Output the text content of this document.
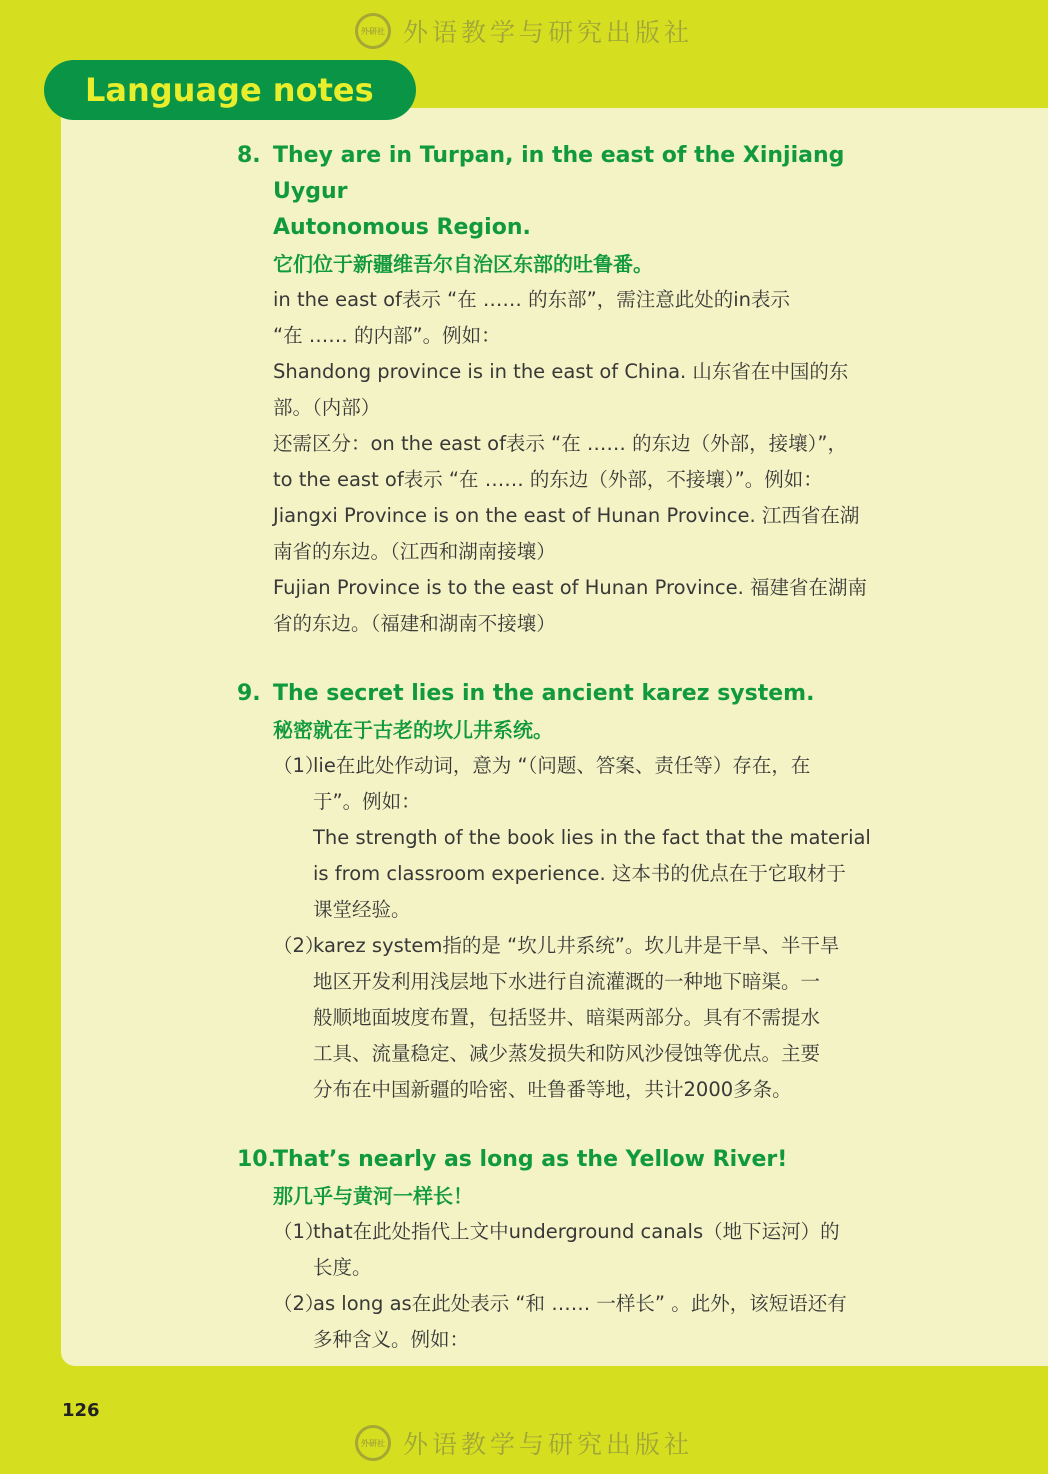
外研社 外语教学与研究出版社
Language notes
8. They are in Turpan, in the east of the Xinjiang Uygur
Autonomous Region.
它们位于新疆维吾尔自治区东部的吐鲁番。
in the east of表示 “在 …… 的东部”，需注意此处的in表示
“在 …… 的内部”。例如：
Shandong province is in the east of China. 山东省在中国的东
部。（内部）
还需区分：on the east of表示 “在 …… 的东边（外部，接壤）”，
to the east of表示 “在 …… 的东边（外部，不接壤）”。例如：
Jiangxi Province is on the east of Hunan Province. 江西省在湖
南省的东边。（江西和湖南接壤）
Fujian Province is to the east of Hunan Province. 福建省在湖南
省的东边。（福建和湖南不接壤）
9. The secret lies in the ancient karez system.
秘密就在于古老的坎儿井系统。
（1）
lie在此处作动词，意为 “（问题、答案、责任等）存在，在
于”。例如：
The strength of the book lies in the fact that the material
is from classroom experience. 这本书的优点在于它取材于
课堂经验。
（2）
karez system指的是 “坎儿井系统”。坎儿井是干旱、半干旱
地区开发利用浅层地下水进行自流灌溉的一种地下暗渠。一
般顺地面坡度布置，包括竖井、暗渠两部分。具有不需提水
工具、流量稳定、减少蒸发损失和防风沙侵蚀等优点。主要
分布在中国新疆的哈密、吐鲁番等地，共计2000多条。
10.
That’s nearly as long as the Yellow River!
那几乎与黄河一样长！
（1）
that在此处指代上文中underground canals（地下运河）的
长度。
（2）
as long as在此处表示 “和 …… 一样长” 。此外，该短语还有
多种含义。例如：
126
外研社 外语教学与研究出版社
